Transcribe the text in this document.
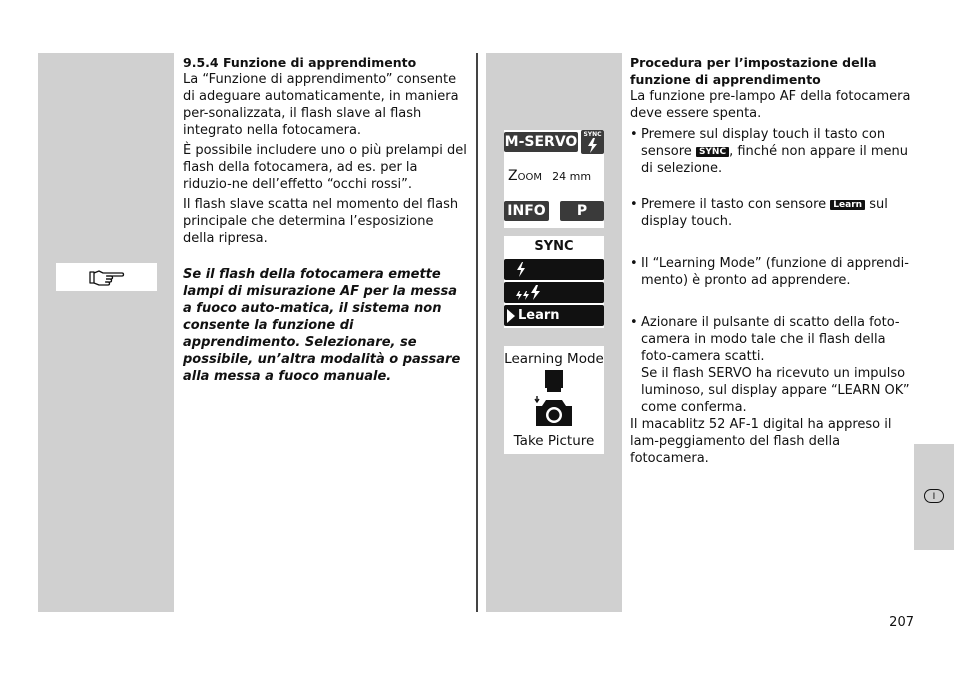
9.5.4 Funzione di apprendimento

La “Funzione di apprendimento” consente di adeguare automaticamente, in maniera per-sonalizzata, il flash slave al flash integrato nella fotocamera.

È possibile includere uno o più prelampi del flash della fotocamera, ad es. per la riduzio-ne dell’effetto “occhi rossi”.

Il flash slave scatta nel momento del flash principale che determina l’esposizione della ripresa.

Se il flash della fotocamera emette lampi di misurazione AF per la messa a fuoco auto-matica, il sistema non consente la funzione di apprendimento. Selezionare, se possibile, un’altra modalità o passare alla messa a fuoco manuale.

M-SERVO	SYNC
ZOOM 24 mm
INFO	P
SYNC
Learn
Learning Mode
Take Picture

Procedura per l’impostazione della funzione di apprendimento

La funzione pre-lampo AF della fotocamera deve essere spenta.

• Premere sul display touch il tasto con sensore SYNC , finché non appare il menu di selezione.

• Premere il tasto con sensore Learn sul display touch.

• Il “Learning Mode” (funzione di apprendi-mento) è pronto ad apprendere.

• Azionare il pulsante di scatto della foto-camera in modo tale che il flash della foto-camera scatti.

Se il flash SERVO ha ricevuto un impulso luminoso, sul display appare “LEARN OK” come conferma.

Il macablitz 52 AF-1 digital ha appreso il lam-peggiamento del flash della fotocamera.

I
207
